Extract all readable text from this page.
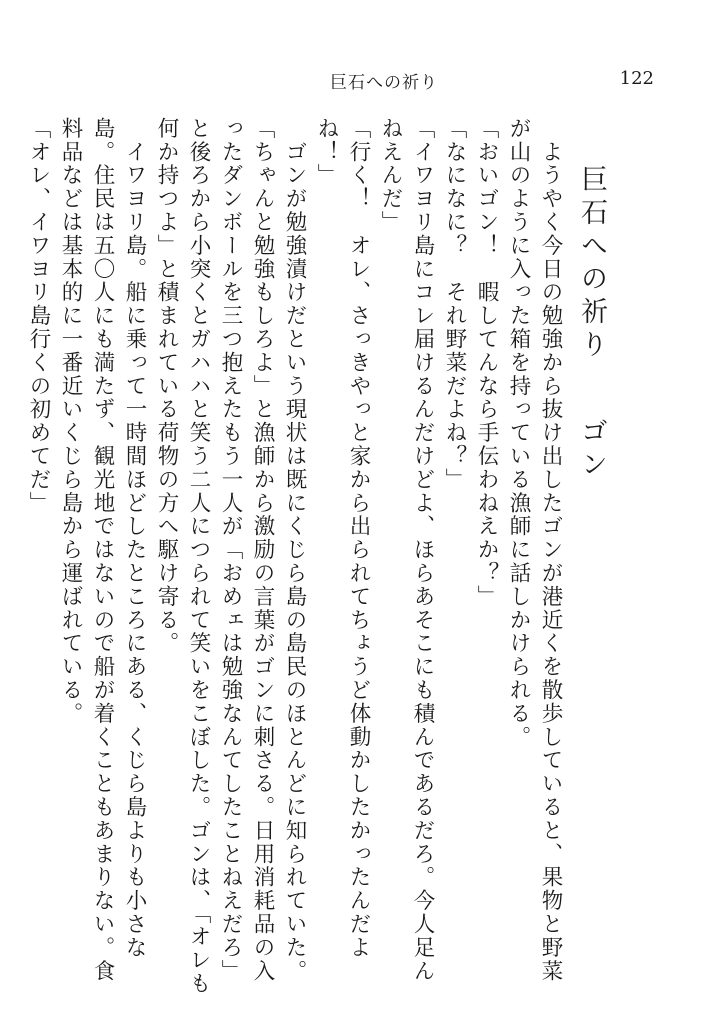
巨石への祈り	122
巨石への祈りゴン

　ようやく今日の勉強から抜け出したゴンが港近くを散歩していると、果物と野菜が山のように入った箱を持っている漁師に話しかけられる。

「おいゴン！　暇してんなら手伝わねえか？」

「なになに？　それ野菜だよね？」

「イワヨリ島にコレ届けるんだけどよ、ほらあそこにも積んであるだろ。今人足んねえんだ」

「行く！　オレ、さっきやっと家から出られてちょうど体動かしたかったんだよね！」

　ゴンが勉強漬けだという現状は既にくじら島の島民のほとんどに知られていた。「ちゃんと勉強もしろよ」と漁師から激励の言葉がゴンに刺さる。日用消耗品の入ったダンボールを三つ抱えたもう一人が「おめェは勉強なんてしたことねえだろ」と後ろから小突くとガハハと笑う二人につられて笑いをこぼした。ゴンは、「オレも何か持つよ」と積まれている荷物の方へ駆け寄る。

　イワヨリ島。船に乗って一時間ほどしたところにある、くじら島よりも小さな島。住民は五〇人にも満たず、観光地ではないので船が着くこともあまりない。食料品などは基本的に一番近いくじら島から運ばれている。

「オレ、イワヨリ島行くの初めてだ」
